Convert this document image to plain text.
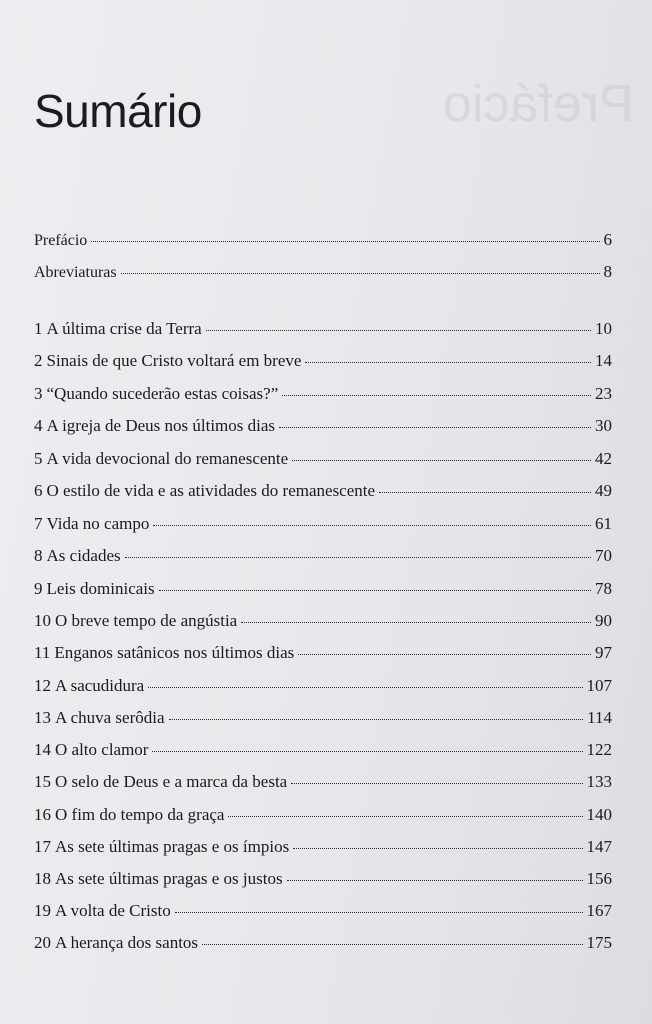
Prefácio
Sumário
Prefácio	6
Abreviaturas	8
1 A última crise da Terra	10
2 Sinais de que Cristo voltará em breve	14
3 “Quando sucederão estas coisas?”	23
4 A igreja de Deus nos últimos dias	30
5 A vida devocional do remanescente	42
6 O estilo de vida e as atividades do remanescente	49
7 Vida no campo	61
8 As cidades	70
9 Leis dominicais	78
10 O breve tempo de angústia	90
11 Enganos satânicos nos últimos dias	97
12 A sacudidura	107
13 A chuva serôdia	114
14 O alto clamor	122
15 O selo de Deus e a marca da besta	133
16 O fim do tempo da graça	140
17 As sete últimas pragas e os ímpios	147
18 As sete últimas pragas e os justos	156
19 A volta de Cristo	167
20 A herança dos santos	175
